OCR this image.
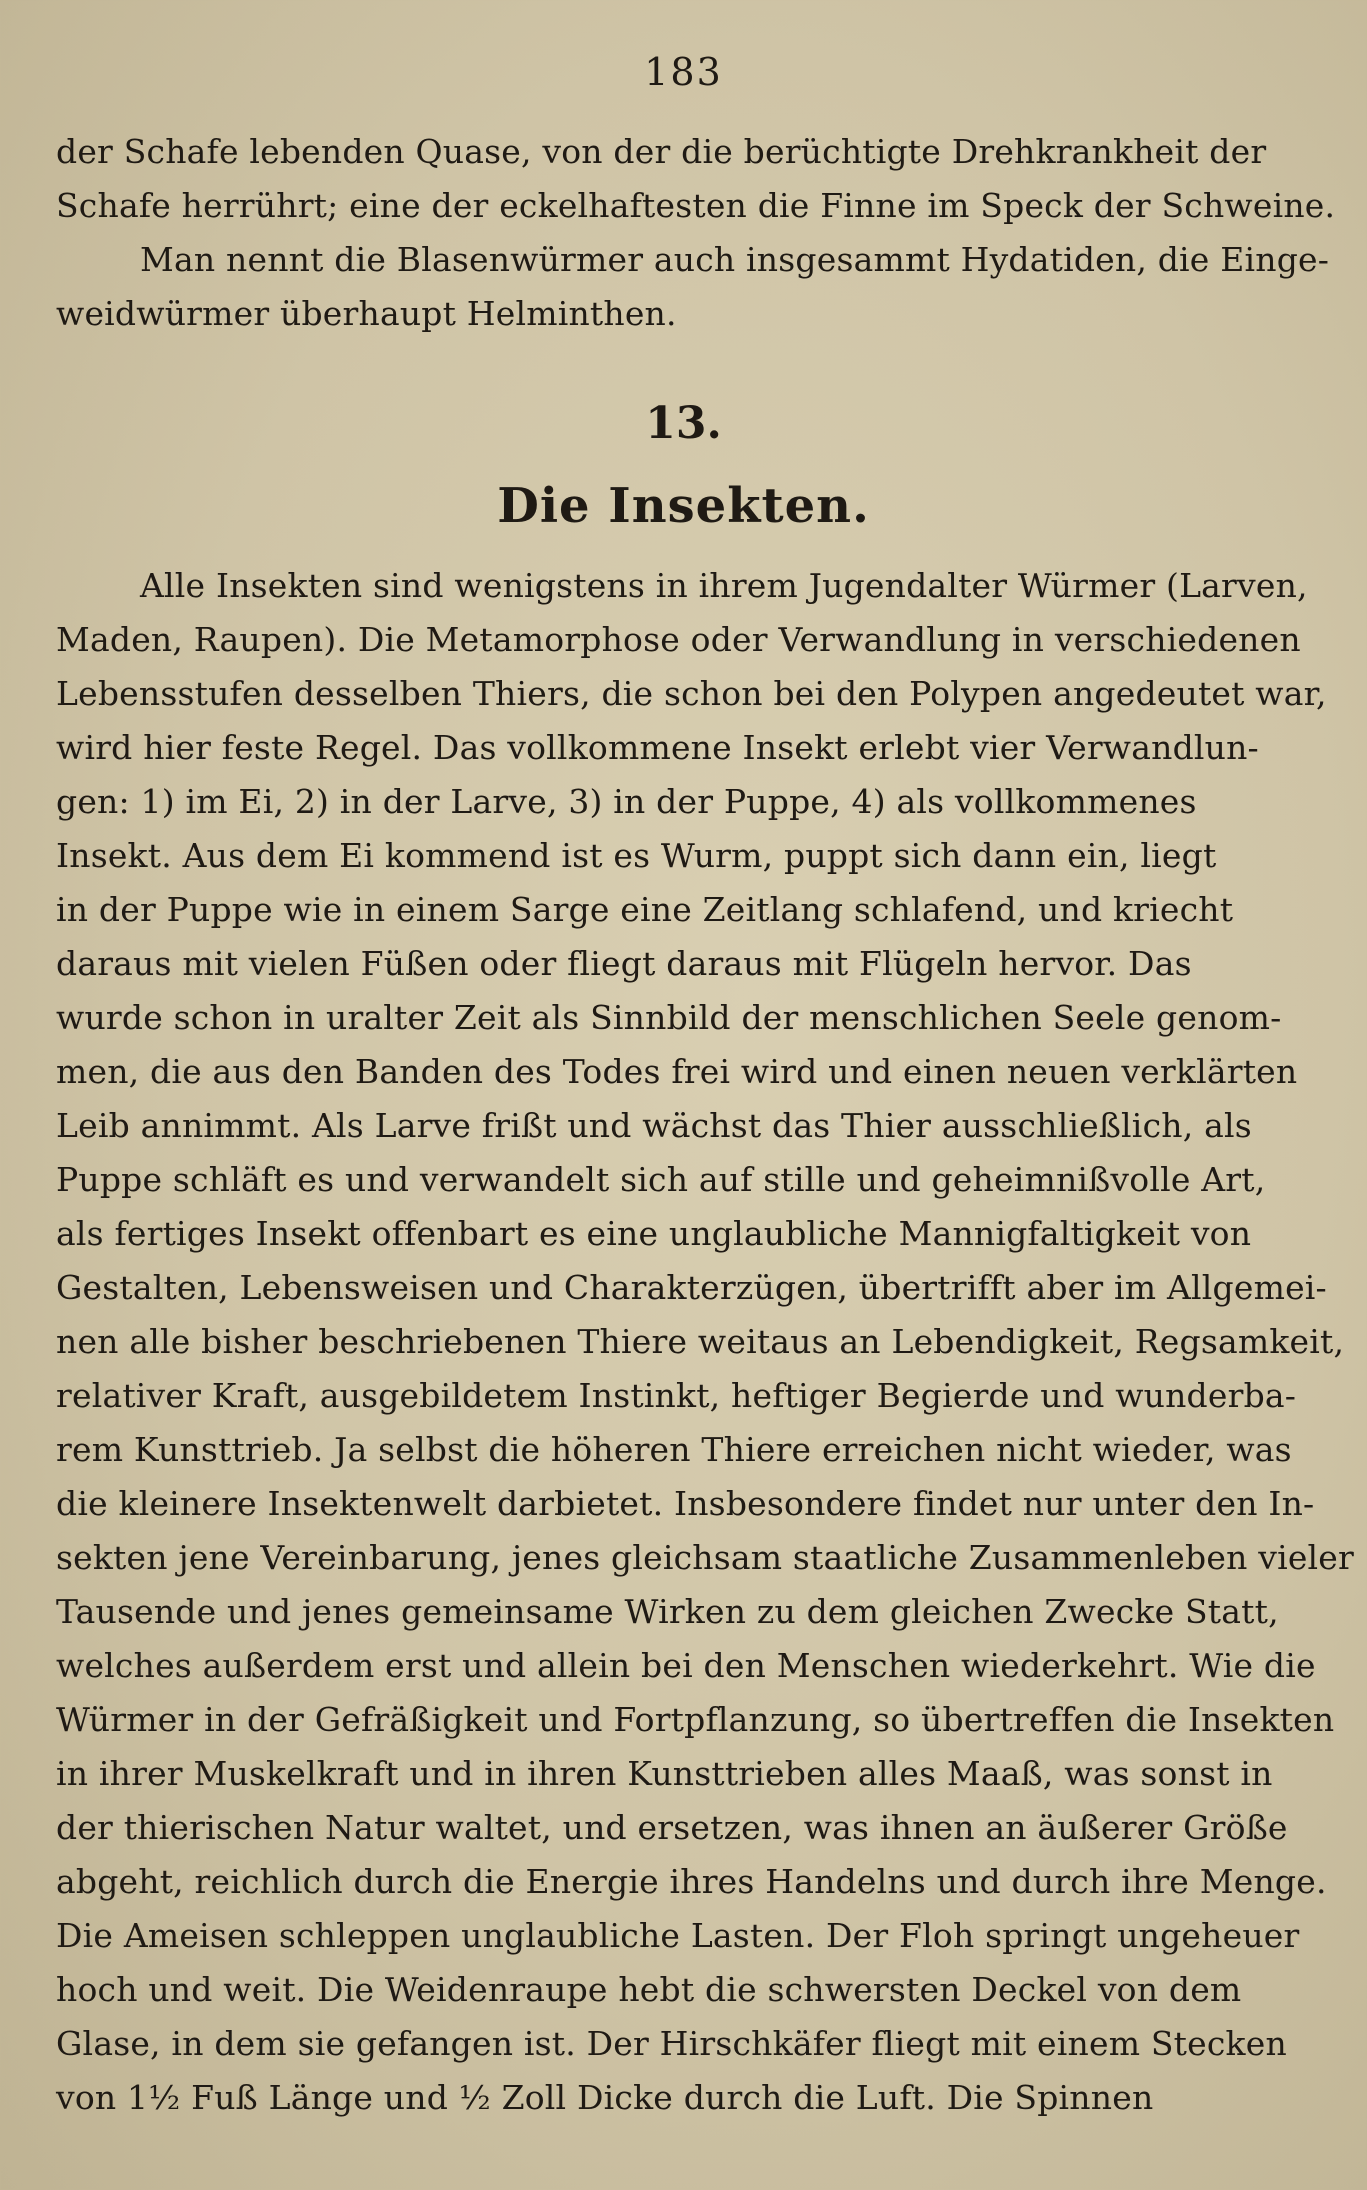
183
der Schafe lebenden Quase, von der die berüchtigte Drehkrankheit der
Schafe herrührt; eine der eckelhaftesten die Finne im Speck der Schweine.
Man nennt die Blasenwürmer auch insgesammt Hydatiden, die Einge-
weidwürmer überhaupt Helminthen.
13.
Die Insekten.
Alle Insekten sind wenigstens in ihrem Jugendalter Würmer (Larven,
Maden, Raupen). Die Metamorphose oder Verwandlung in verschiedenen
Lebensstufen desselben Thiers, die schon bei den Polypen angedeutet war,
wird hier feste Regel. Das vollkommene Insekt erlebt vier Verwandlun-
gen: 1) im Ei, 2) in der Larve, 3) in der Puppe, 4) als vollkommenes
Insekt. Aus dem Ei kommend ist es Wurm, puppt sich dann ein, liegt
in der Puppe wie in einem Sarge eine Zeitlang schlafend, und kriecht
daraus mit vielen Füßen oder fliegt daraus mit Flügeln hervor. Das
wurde schon in uralter Zeit als Sinnbild der menschlichen Seele genom-
men, die aus den Banden des Todes frei wird und einen neuen verklärten
Leib annimmt. Als Larve frißt und wächst das Thier ausschließlich, als
Puppe schläft es und verwandelt sich auf stille und geheimnißvolle Art,
als fertiges Insekt offenbart es eine unglaubliche Mannigfaltigkeit von
Gestalten, Lebensweisen und Charakterzügen, übertrifft aber im Allgemei-
nen alle bisher beschriebenen Thiere weitaus an Lebendigkeit, Regsamkeit,
relativer Kraft, ausgebildetem Instinkt, heftiger Begierde und wunderba-
rem Kunsttrieb. Ja selbst die höheren Thiere erreichen nicht wieder, was
die kleinere Insektenwelt darbietet. Insbesondere findet nur unter den In-
sekten jene Vereinbarung, jenes gleichsam staatliche Zusammenleben vieler
Tausende und jenes gemeinsame Wirken zu dem gleichen Zwecke Statt,
welches außerdem erst und allein bei den Menschen wiederkehrt. Wie die
Würmer in der Gefräßigkeit und Fortpflanzung, so übertreffen die Insekten
in ihrer Muskelkraft und in ihren Kunsttrieben alles Maaß, was sonst in
der thierischen Natur waltet, und ersetzen, was ihnen an äußerer Größe
abgeht, reichlich durch die Energie ihres Handelns und durch ihre Menge.
Die Ameisen schleppen unglaubliche Lasten. Der Floh springt ungeheuer
hoch und weit. Die Weidenraupe hebt die schwersten Deckel von dem
Glase, in dem sie gefangen ist. Der Hirschkäfer fliegt mit einem Stecken
von 1½ Fuß Länge und ½ Zoll Dicke durch die Luft. Die Spinnen
